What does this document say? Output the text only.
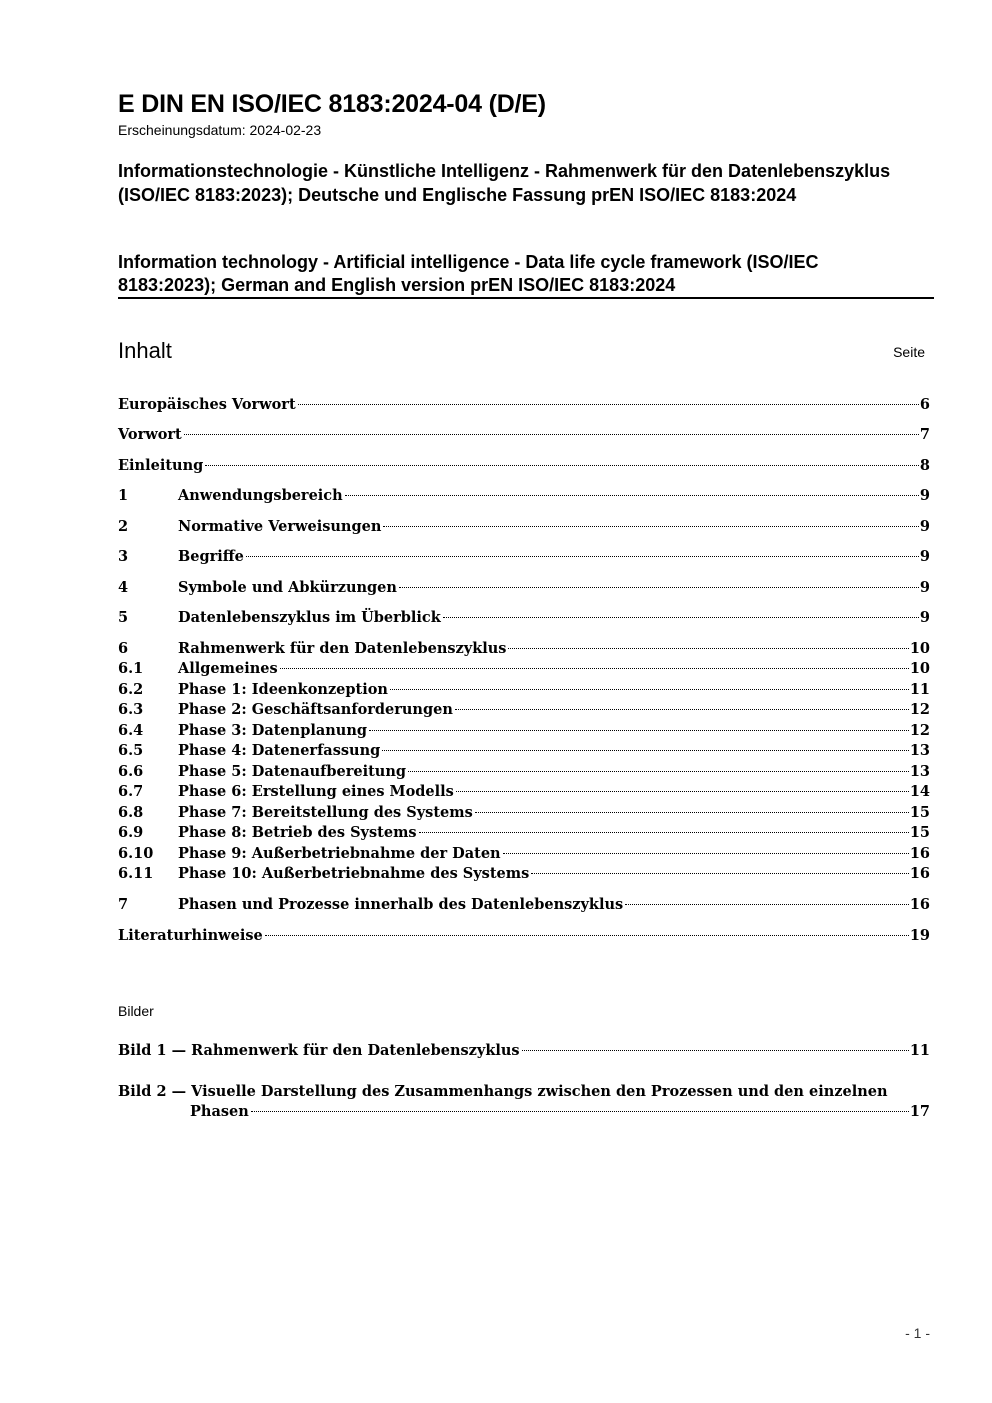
E DIN EN ISO/IEC 8183:2024-04 (D/E)
Erscheinungsdatum: 2024-02-23
Informationstechnologie - Künstliche Intelligenz - Rahmenwerk für den Datenlebenszyklus (ISO/IEC 8183:2023); Deutsche und Englische Fassung prEN ISO/IEC 8183:2024
Information technology - Artificial intelligence - Data life cycle framework (ISO/IEC 8183:2023); German and English version prEN ISO/IEC 8183:2024
Inhalt	Seite
Europäisches Vorwort	6
Vorwort	7
Einleitung	8
1	Anwendungsbereich	9
2	Normative Verweisungen	9
3	Begriffe	9
4	Symbole und Abkürzungen	9
5	Datenlebenszyklus im Überblick	9
6	Rahmenwerk für den Datenlebenszyklus	10
6.1	Allgemeines	10
6.2	Phase 1: Ideenkonzeption	11
6.3	Phase 2: Geschäftsanforderungen	12
6.4	Phase 3: Datenplanung	12
6.5	Phase 4: Datenerfassung	13
6.6	Phase 5: Datenaufbereitung	13
6.7	Phase 6: Erstellung eines Modells	14
6.8	Phase 7: Bereitstellung des Systems	15
6.9	Phase 8: Betrieb des Systems	15
6.10	Phase 9: Außerbetriebnahme der Daten	16
6.11	Phase 10: Außerbetriebnahme des Systems	16
7	Phasen und Prozesse innerhalb des Datenlebenszyklus	16
Literaturhinweise	19
Bilder
Bild 1 — Rahmenwerk für den Datenlebenszyklus	11
Bild 2 — Visuelle Darstellung des Zusammenhangs zwischen den Prozessen und den einzelnen
Phasen	17
- 1 -
